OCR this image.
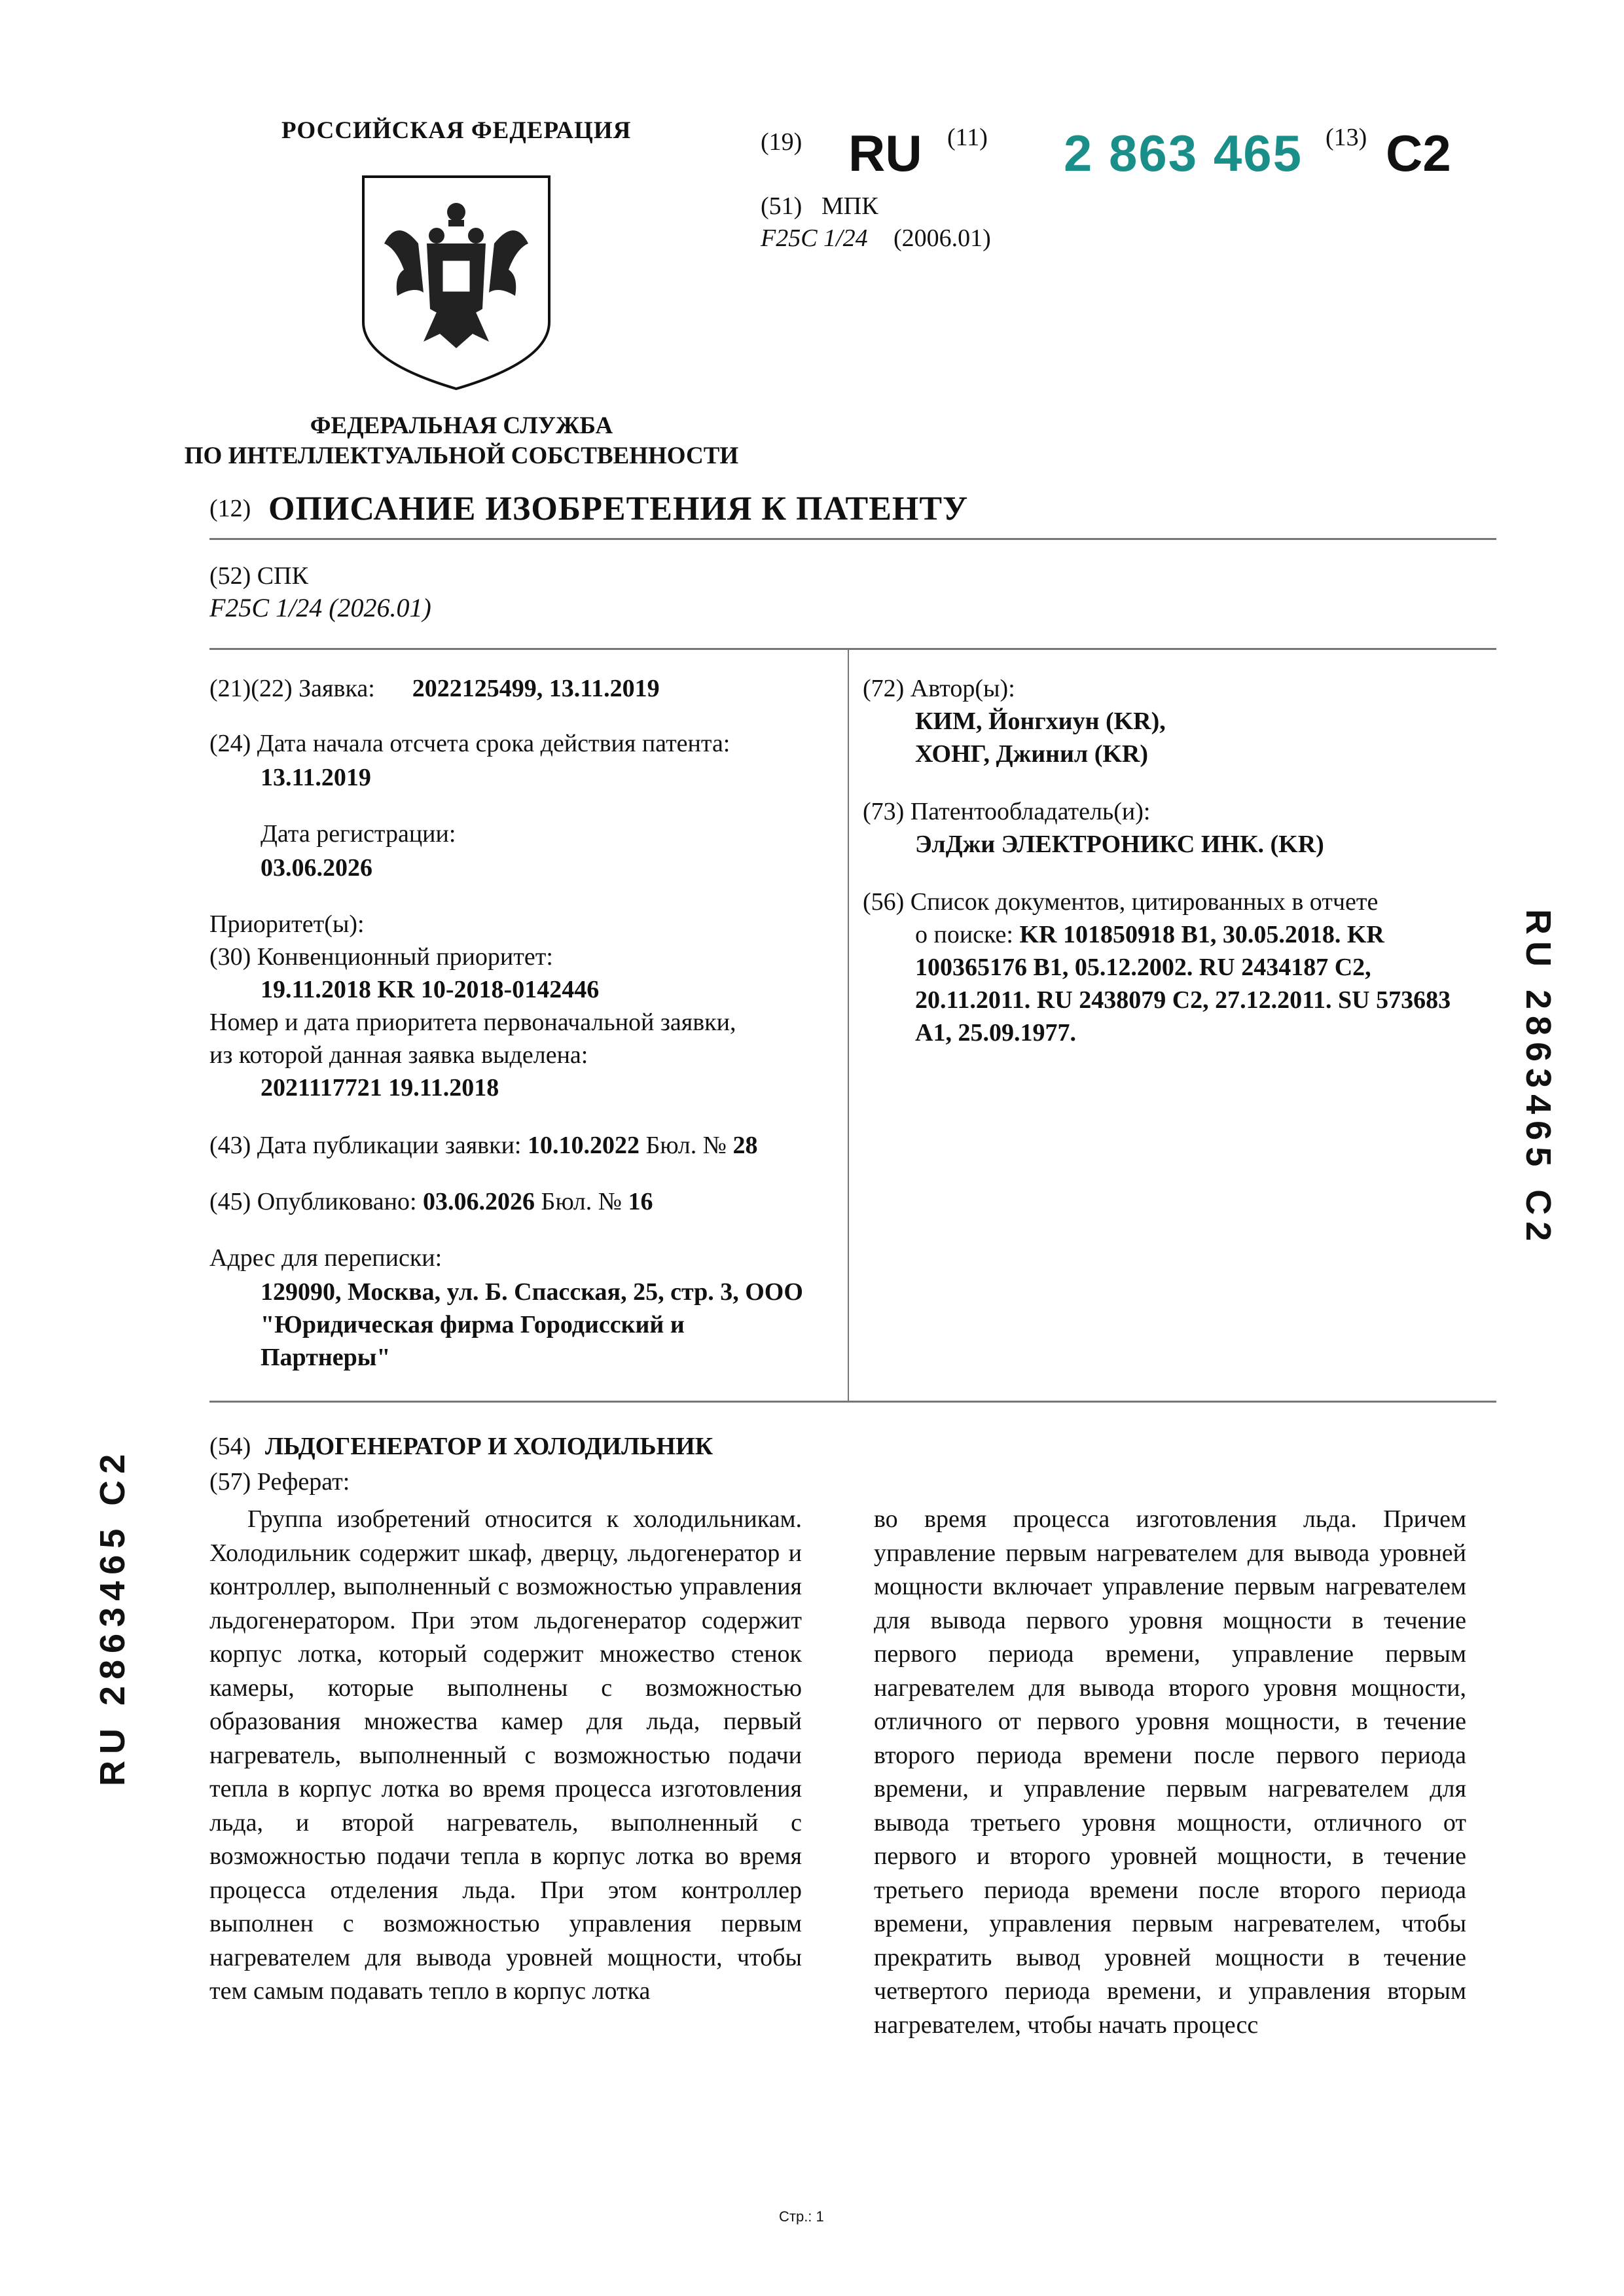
РОССИЙСКАЯ ФЕДЕРАЦИЯ
ФЕДЕРАЛЬНАЯ СЛУЖБА
ПО ИНТЕЛЛЕКТУАЛЬНОЙ СОБСТВЕННОСТИ
(19) RU (11) 2 863 465 (13) C2
(51) МПК
F25C 1/24 (2006.01)
(12) ОПИСАНИЕ ИЗОБРЕТЕНИЯ К ПАТЕНТУ
(52) СПК
F25C 1/24 (2026.01)
(21)(22) Заявка: 2022125499, 13.11.2019
(24) Дата начала отсчета срока действия патента:
13.11.2019
Дата регистрации:
03.06.2026
Приоритет(ы):
(30) Конвенционный приоритет:
19.11.2018 KR 10-2018-0142446
Номер и дата приоритета первоначальной заявки,
из которой данная заявка выделена:
2021117721 19.11.2018
(43) Дата публикации заявки: 10.10.2022 Бюл. № 28
(45) Опубликовано: 03.06.2026 Бюл. № 16
Адрес для переписки:
129090, Москва, ул. Б. Спасская, 25, стр. 3, ООО
"Юридическая фирма Городисский и
Партнеры"
(72) Автор(ы):
КИМ, Йонгхиун (KR),
ХОНГ, Джинил (KR)
(73) Патентообладатель(и):
ЭлДжи ЭЛЕКТРОНИКС ИНК. (KR)
(56) Список документов, цитированных в отчете
о поиске: KR 101850918 B1, 30.05.2018. KR
100365176 B1, 05.12.2002. RU 2434187 C2,
20.11.2011. RU 2438079 C2, 27.12.2011. SU 573683
A1, 25.09.1977.	RU 2863465 C2
RU 2863465 C2
(54) ЛЬДОГЕНЕРАТОР И ХОЛОДИЛЬНИК
(57) Реферат:
Группа изобретений относится к холодильникам. Холодильник содержит шкаф, дверцу, льдогенератор и контроллер, выполненный с возможностью управления льдогенератором. При этом льдогенератор содержит корпус лотка, который содержит множество стенок камеры, которые выполнены с возможностью образования множества камер для льда, первый нагреватель, выполненный с возможностью подачи тепла в корпус лотка во время процесса изготовления льда, и второй нагреватель, выполненный с возможностью подачи тепла в корпус лотка во время процесса отделения льда. При этом контроллер выполнен с возможностью управления первым нагревателем для вывода уровней мощности, чтобы тем самым подавать тепло в корпус лотка
во время процесса изготовления льда. Причем управление первым нагревателем для вывода уровней мощности включает управление первым нагревателем для вывода первого уровня мощности в течение первого периода времени, управление первым нагревателем для вывода второго уровня мощности, отличного от первого уровня мощности, в течение второго периода времени после первого периода времени, и управление первым нагревателем для вывода третьего уровня мощности, отличного от первого и второго уровней мощности, в течение третьего периода времени после второго периода времени, управления первым нагревателем, чтобы прекратить вывод уровней мощности в течение четвертого периода времени, и управления вторым нагревателем, чтобы начать процесс
Стр.: 1
